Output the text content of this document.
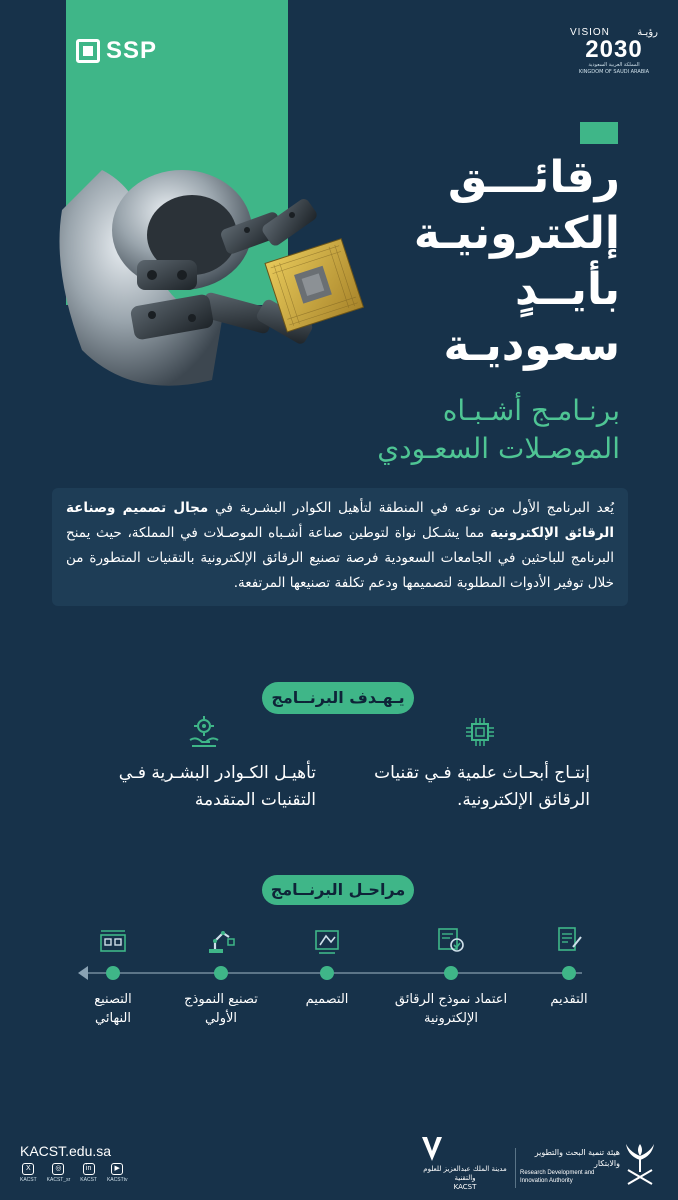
SSP
VISION	رؤيـة
2030
المملكة العربية السعودية
KINGDOM OF SAUDI ARABIA
رقائـــق
إلكترونيـة
بأيــدٍ
سعوديـة
برنـامـج أشـبـاه
الموصـلات السعـودي

يُعد البرنامج الأول من نوعه في المنطقة لتأهيل الكوادر البشـرية في مجال تصميم وصناعة الرقائق الإلكترونية مما يشـكل نواة لتوطين صناعة أشـباه الموصـلات في المملكة، حيث يمنح البرنامج للباحثين في الجامعات السعودية فرصة تصنيع الرقائق الإلكترونية بالتقنيات المتطورة من خلال توفير الأدوات المطلوبة لتصميمها ودعم تكلفة تصنيعها المرتفعة.

يـهـدف البرنــامج
إنتـاج أبحـاث علمية فـي تقنيات
الرقائق الإلكترونية.
تأهيـل الكـوادر البشـرية فـي
التقنيات المتقدمة
مراحـل البرنــامج
التقديم
اعتماد نموذج الرقائق
الإلكترونية
التصميم
تصنيع النموذج
الأولي
التصنيع
النهائي
KACST.edu.sa
X
KACST
◎
KACST_sr
in
KACST
▶
KACSTtv
مدينة الملك عبدالعزيز للعلوم والتقنية
KACST
هيئة تنمية البحث والتطوير والابتكار
Research Development and Innovation Authority
